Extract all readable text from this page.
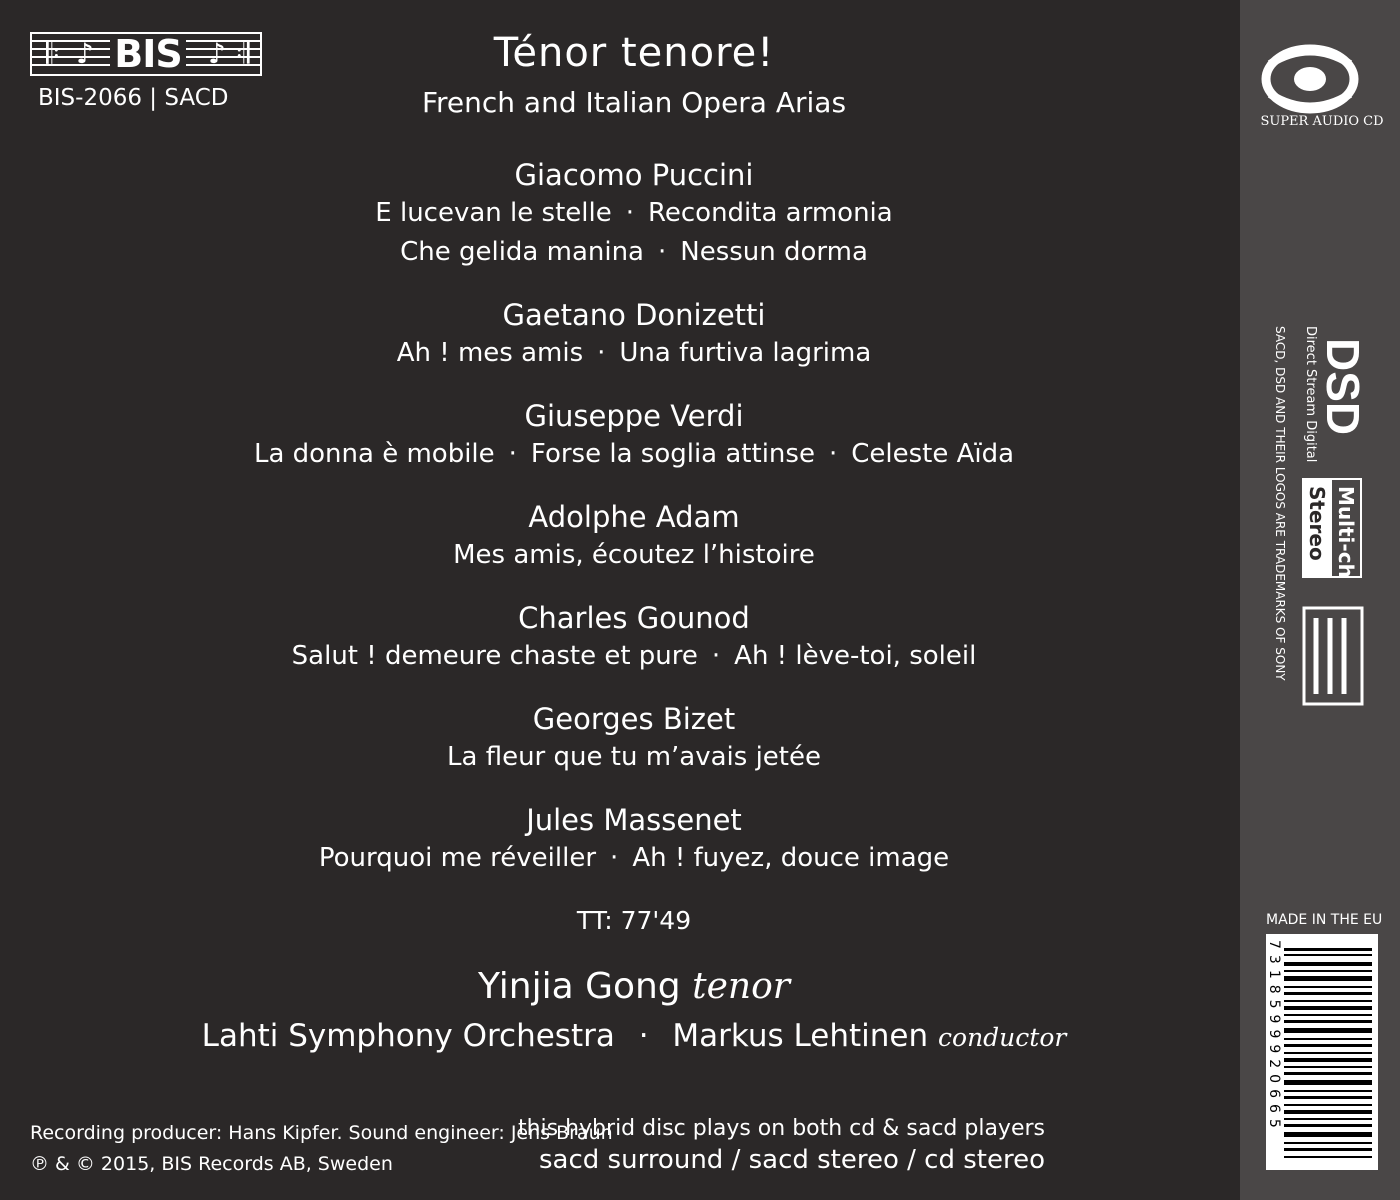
𝄆 ♪ BIS ♪ 𝄇
BIS-2066 | SACD
Ténor tenore!
French and Italian Opera Arias
Giacomo Puccini
E lucevan le stelle · Recondita armonia
Che gelida manina · Nessun dorma
Gaetano Donizetti
Ah ! mes amis · Una furtiva lagrima
Giuseppe Verdi
La donna è mobile · Forse la soglia attinse · Celeste Aïda
Adolphe Adam
Mes amis, écoutez l’histoire
Charles Gounod
Salut ! demeure chaste et pure · Ah ! lève-toi, soleil
Georges Bizet
La fleur que tu m’avais jetée
Jules Massenet
Pourquoi me réveiller · Ah ! fuyez, douce image
TT: 77'49
Yinjia Gong tenor
Lahti Symphony Orchestra · Markus Lehtinen conductor
Recording producer: Hans Kipfer. Sound engineer: Jens Braun
℗ & © 2015, BIS Records AB, Sweden
this hybrid disc plays on both cd & sacd players
sacd surround / sacd stereo / cd stereo
SUPER AUDIO CD
DSD
Direct Stream Digital
SACD, DSD AND THEIR LOGOS ARE TRADEMARKS OF SONY Stereo Multi-ch
MADE IN THE EU
7318599920665
